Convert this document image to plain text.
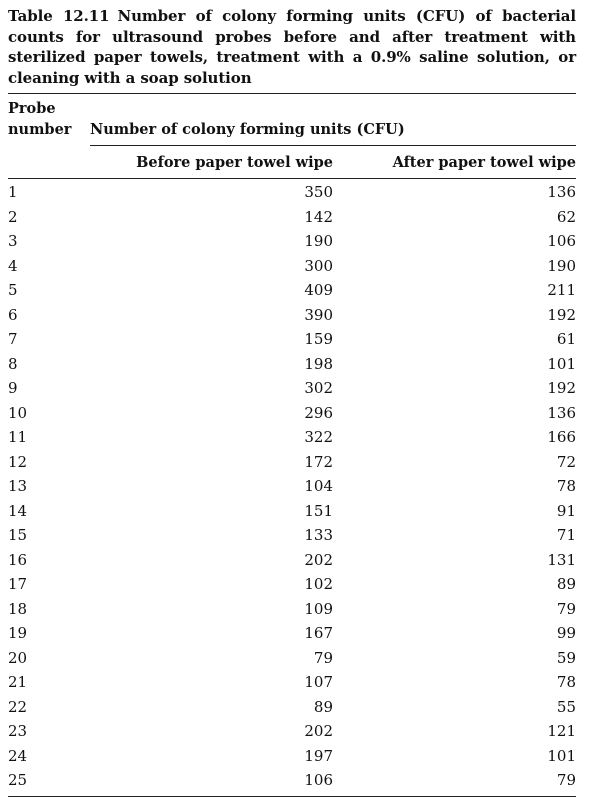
Table 12.11 Number of colony forming units (CFU) of bacterial counts for ultrasound probes before and after treatment with sterilized paper towels, treatment with a 0.9% saline solution, or cleaning with a soap solution
Probe
number Number of colony forming units (CFU)
Before paper towel wipe	After paper towel wipe
1	350	136
2	142	62
3	190	106
4	300	190
5	409	211
6	390	192
7	159	61
8	198	101
9	302	192
10	296	136
11	322	166
12	172	72
13	104	78
14	151	91
15	133	71
16	202	131
17	102	89
18	109	79
19	167	99
20	79	59
21	107	78
22	89	55
23	202	121
24	197	101
25	106	79
